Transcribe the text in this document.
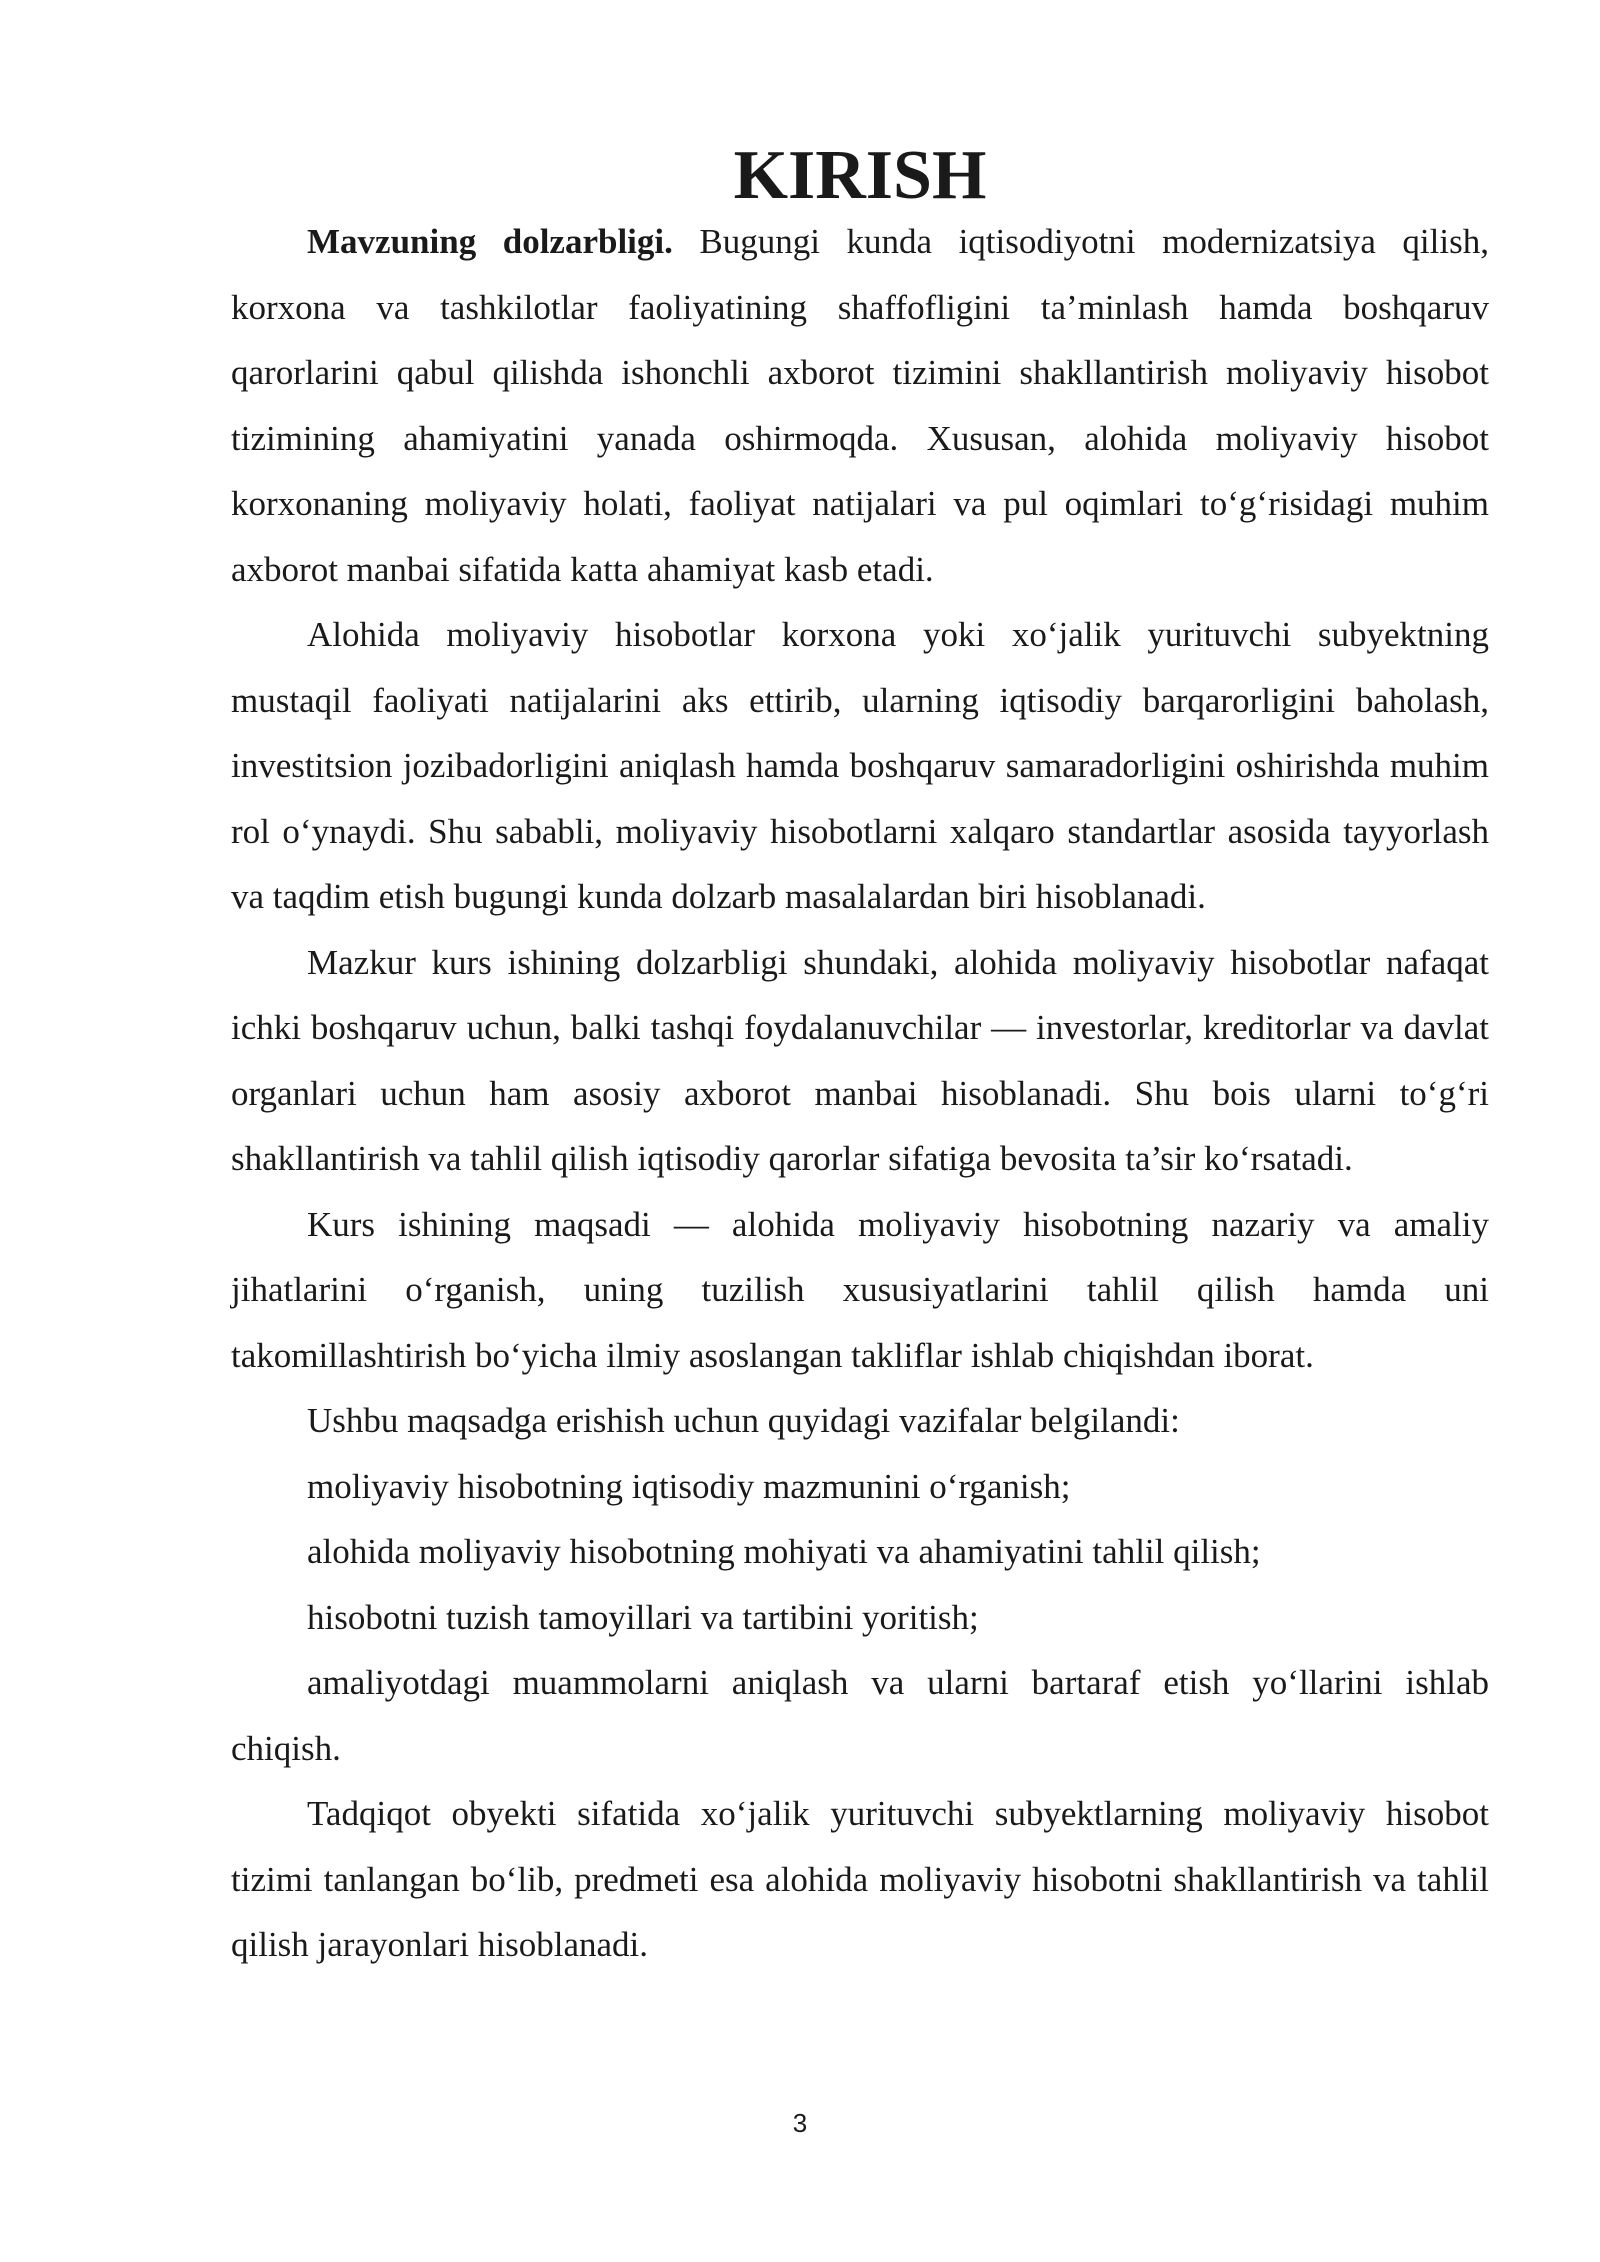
KIRISH

Mavzuning dolzarbligi. Bugungi kunda iqtisodiyotni modernizatsiya qilish, korxona va tashkilotlar faoliyatining shaffofligini ta’minlash hamda boshqaruv qarorlarini qabul qilishda ishonchli axborot tizimini shakllantirish moliyaviy hisobot tizimining ahamiyatini yanada oshirmoqda. Xususan, alohida moliyaviy hisobot korxonaning moliyaviy holati, faoliyat natijalari va pul oqimlari to‘g‘risidagi muhim axborot manbai sifatida katta ahamiyat kasb etadi.

Alohida moliyaviy hisobotlar korxona yoki xo‘jalik yurituvchi subyektning mustaqil faoliyati natijalarini aks ettirib, ularning iqtisodiy barqarorligini baholash, investitsion jozibadorligini aniqlash hamda boshqaruv samaradorligini oshirishda muhim rol o‘ynaydi. Shu sababli, moliyaviy hisobotlarni xalqaro standartlar asosida tayyorlash va taqdim etish bugungi kunda dolzarb masalalardan biri hisoblanadi.

Mazkur kurs ishining dolzarbligi shundaki, alohida moliyaviy hisobotlar nafaqat ichki boshqaruv uchun, balki tashqi foydalanuvchilar — investorlar, kreditorlar va davlat organlari uchun ham asosiy axborot manbai hisoblanadi. Shu bois ularni to‘g‘ri shakllantirish va tahlil qilish iqtisodiy qarorlar sifatiga bevosita ta’sir ko‘rsatadi.

Kurs ishining maqsadi — alohida moliyaviy hisobotning nazariy va amaliy jihatlarini o‘rganish, uning tuzilish xususiyatlarini tahlil qilish hamda uni takomillashtirish bo‘yicha ilmiy asoslangan takliflar ishlab chiqishdan iborat.

Ushbu maqsadga erishish uchun quyidagi vazifalar belgilandi:

moliyaviy hisobotning iqtisodiy mazmunini o‘rganish;

alohida moliyaviy hisobotning mohiyati va ahamiyatini tahlil qilish;

hisobotni tuzish tamoyillari va tartibini yoritish;

amaliyotdagi muammolarni aniqlash va ularni bartaraf etish yo‘llarini ishlab chiqish.

Tadqiqot obyekti sifatida xo‘jalik yurituvchi subyektlarning moliyaviy hisobot tizimi tanlangan bo‘lib, predmeti esa alohida moliyaviy hisobotni shakllantirish va tahlil qilish jarayonlari hisoblanadi.

3
